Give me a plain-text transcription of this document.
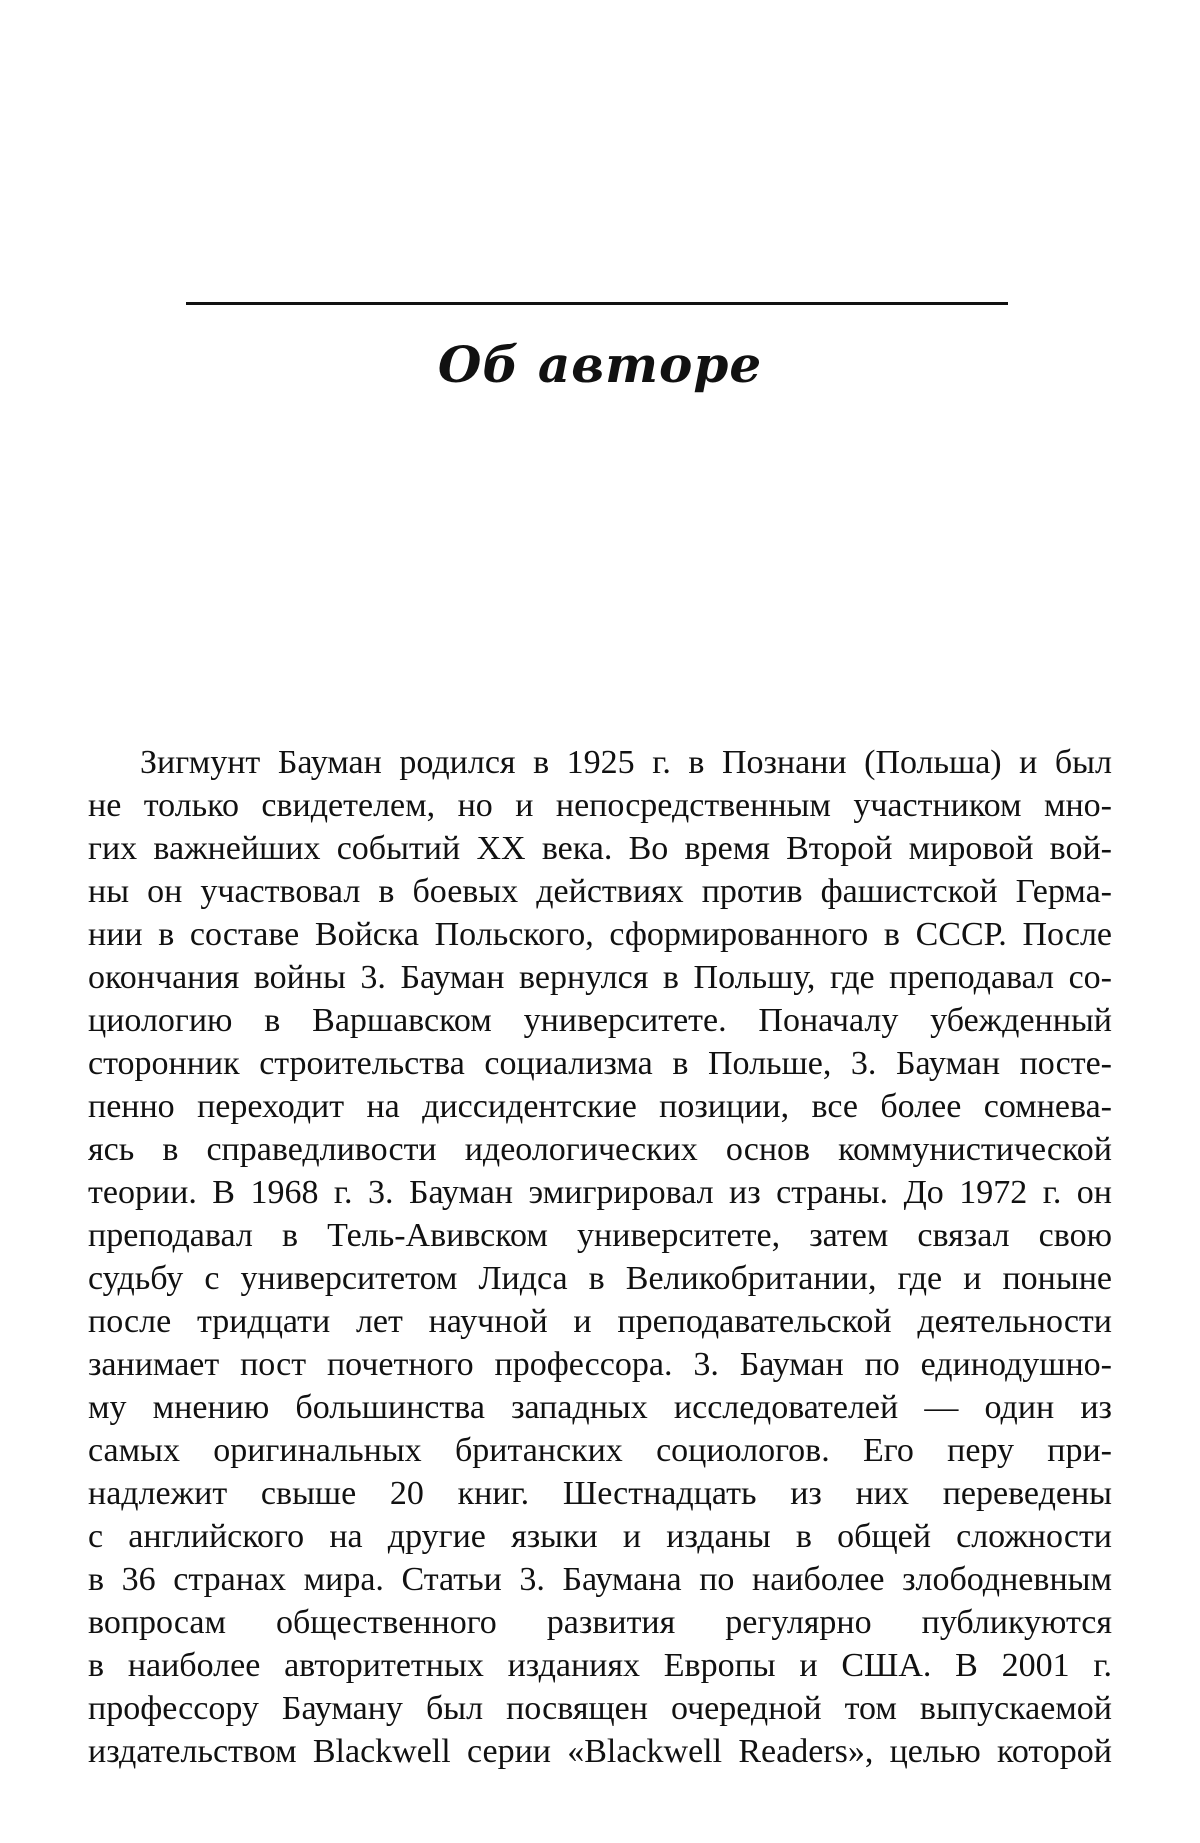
Об авторе
Зигмунт Бауман родился в 1925 г. в Познани (Польша) и был
не только свидетелем, но и непосредственным участником мно-
гих важнейших событий XX века. Во время Второй мировой вой-
ны он участвовал в боевых действиях против фашистской Герма-
нии в составе Войска Польского, сформированного в СССР. После
окончания войны 3. Бауман вернулся в Польшу, где преподавал со-
циологию в Варшавском университете. Поначалу убежденный
сторонник строительства социализма в Польше, 3. Бауман посте-
пенно переходит на диссидентские позиции, все более сомнева-
ясь в справедливости идеологических основ коммунистической
теории. В 1968 г. 3. Бауман эмигрировал из страны. До 1972 г. он
преподавал в Тель-Авивском университете, затем связал свою
судьбу с университетом Лидса в Великобритании, где и поныне
после тридцати лет научной и преподавательской деятельности
занимает пост почетного профессора. 3. Бауман по единодушно-
му мнению большинства западных исследователей — один из
самых оригинальных британских социологов. Его перу при-
надлежит свыше 20 книг. Шестнадцать из них переведены
с английского на другие языки и изданы в общей сложности
в 36 странах мира. Статьи 3. Баумана по наиболее злободневным
вопросам общественного развития регулярно публикуются
в наиболее авторитетных изданиях Европы и США. В 2001 г.
профессору Бауману был посвящен очередной том выпускаемой
издательством Blackwell серии «Blackwell Readers», целью которой
